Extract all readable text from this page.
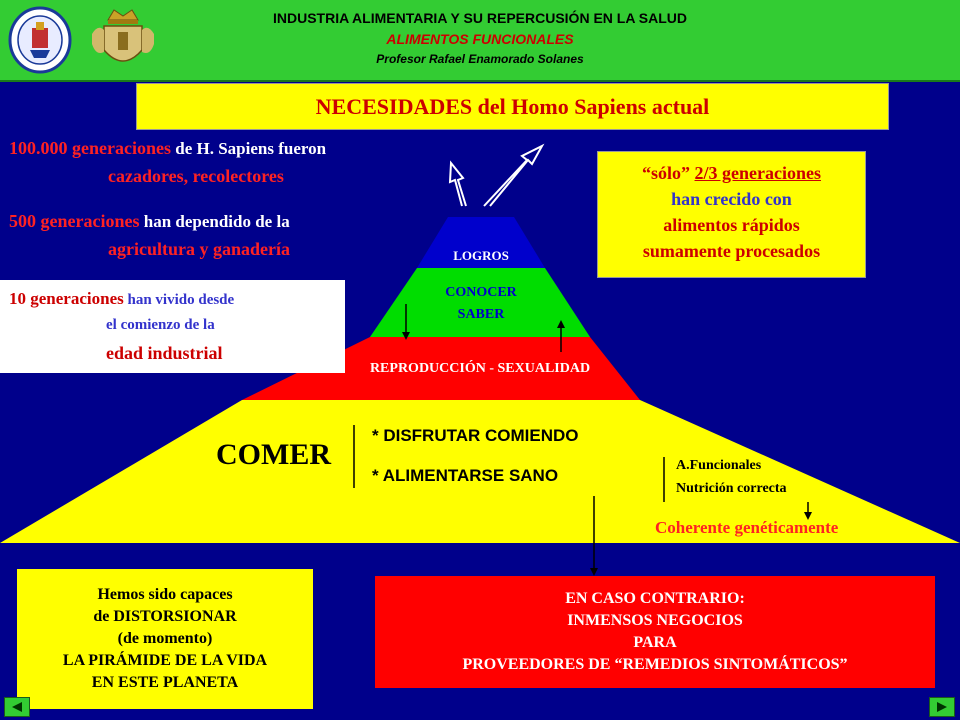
INDUSTRIA ALIMENTARIA Y SU REPERCUSIÓN EN LA SALUD
ALIMENTOS FUNCIONALES
Profesor Rafael Enamorado Solanes
NECESIDADES del Homo Sapiens actual
100.000 generaciones de H. Sapiens fueron
cazadores, recolectores
500 generaciones han dependido de la
agricultura y ganadería	LOGROS
CONOCER
SABER
REPRODUCCIÓN - SEXUALIDAD
COMER
* DISFRUTAR COMIENDO
* ALIMENTARSE SANO
A.Funcionales
Nutrición correcta
Coherente genéticamente
10 generaciones han vivido desde
el comienzo de la
edad industrial
“sólo” 2/3 generaciones
han crecido con
alimentos rápidos
sumamente procesados
Hemos sido capaces
de DISTORSIONAR
(de momento)
LA PIRÁMIDE DE LA VIDA
EN ESTE PLANETA
EN CASO CONTRARIO:
INMENSOS NEGOCIOS
PARA
PROVEEDORES DE “REMEDIOS SINTOMÁTICOS”
